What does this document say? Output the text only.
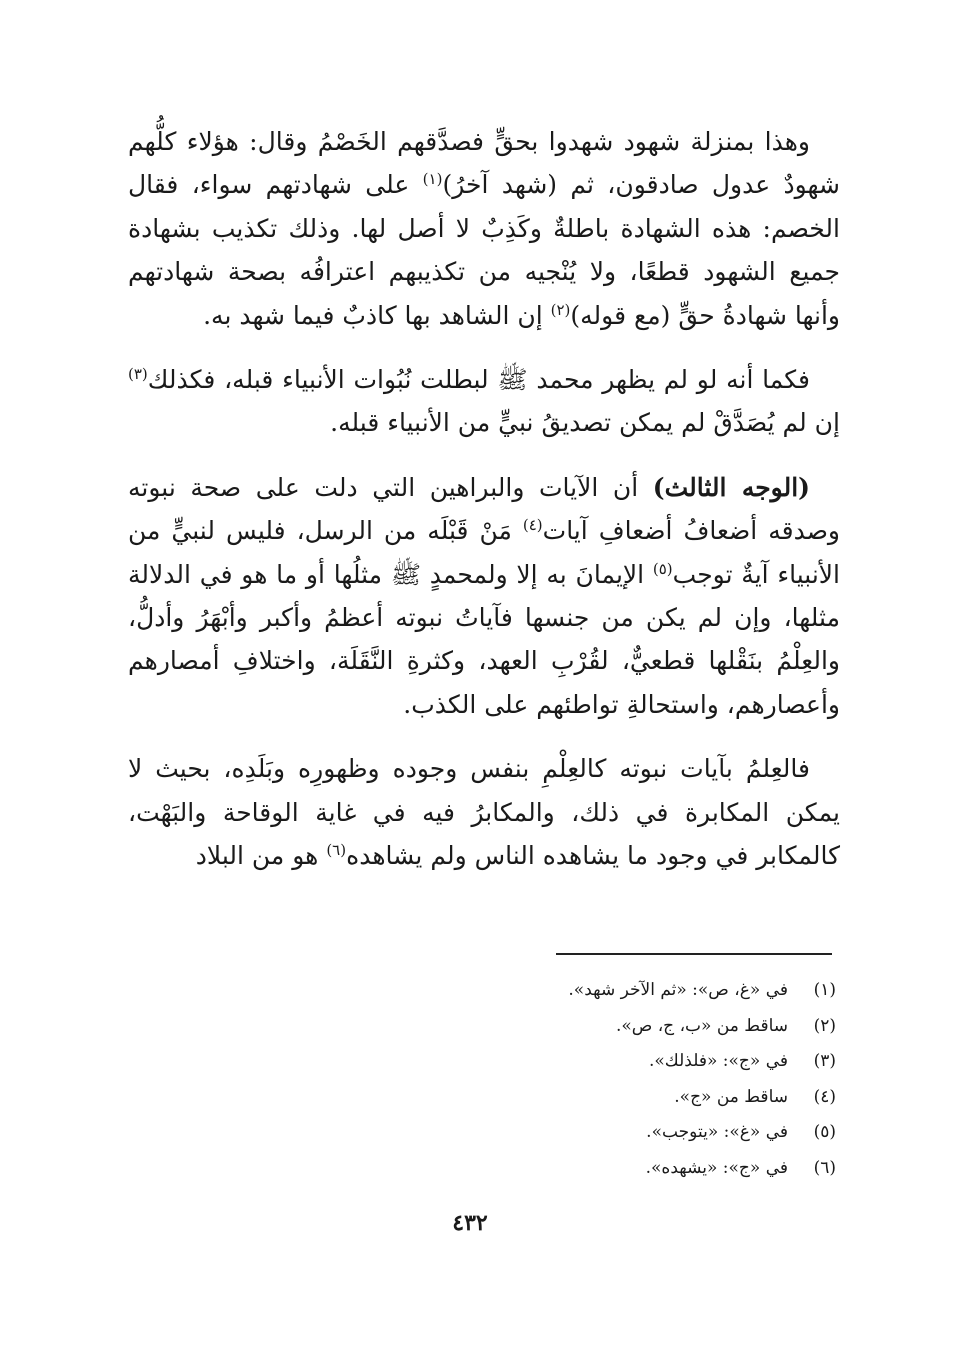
وهذا بمنزلة شهود شهدوا بحقٍّ فصدَّقهم الخَصْمُ وقال: هؤلاء كلُّهم شهودٌ عدول صادقون، ثم (شهد آخرُ)$^{(١)}$ على شهادتهم سواء، فقال الخصم: هذه الشهادة باطلةٌ وكَذِبٌ لا أصل لها. وذلك تكذيب بشهادة جميع الشهود قطعًا، ولا يُنْجيه من تكذيبهم اعترافُه بصحة شهادتهم وأنها شهادةُ حقٍّ (مع قوله)$^{(٢)}$ إن الشاهد بها كاذبٌ فيما شهد به.

فكما أنه لو لم يظهر محمد ﷺ لبطلت نُبُوات الأنبياء قبله، فكذلك$^{(٣)}$ إن لم يُصَدَّقْ لم يمكن تصديقُ نبيٍّ من الأنبياء قبله.

(الوجه الثالث) أن الآيات والبراهين التي دلت على صحة نبوته وصدقه أضعافُ أضعافِ آيات$^{(٤)}$ مَنْ قَبْلَه من الرسل، فليس لنبيٍّ من الأنبياء آيةٌ توجب$^{(٥)}$ الإيمانَ به إلا ولمحمدٍ ﷺ مثلُها أو ما هو في الدلالة مثلها، وإن لم يكن من جنسها فآياتُ نبوته أعظمُ وأكبر وأبْهَرُ وأدلُّ، والعِلْمُ بنَقْلها قطعيٌّ، لقُرْبِ العهد، وكثرةِ النَّقَلَة، واختلافِ أمصارهم وأعصارهم، واستحالةِ تواطئهم على الكذب.

فالعِلمُ بآيات نبوته كالعِلْمِ بنفس وجوده وظهورِه وبَلَدِه، بحيث لا يمكن المكابرة في ذلك، والمكابرُ فيه في غاية الوقاحة والبَهْت، كالمكابر في وجود ما يشاهده الناس ولم يشاهده$^{(٦)}$ هو من البلاد

(١)
في «غ، ص»: «ثم الآخر شهد».
(٢)
ساقط من «ب، ج، ص».
(٣)
في «ج»: «فلذلك».
(٤)
ساقط من «ج».
(٥)
في «غ»: «يتوجب».
(٦)
في «ج»: «يشهده».
٤٣٢
